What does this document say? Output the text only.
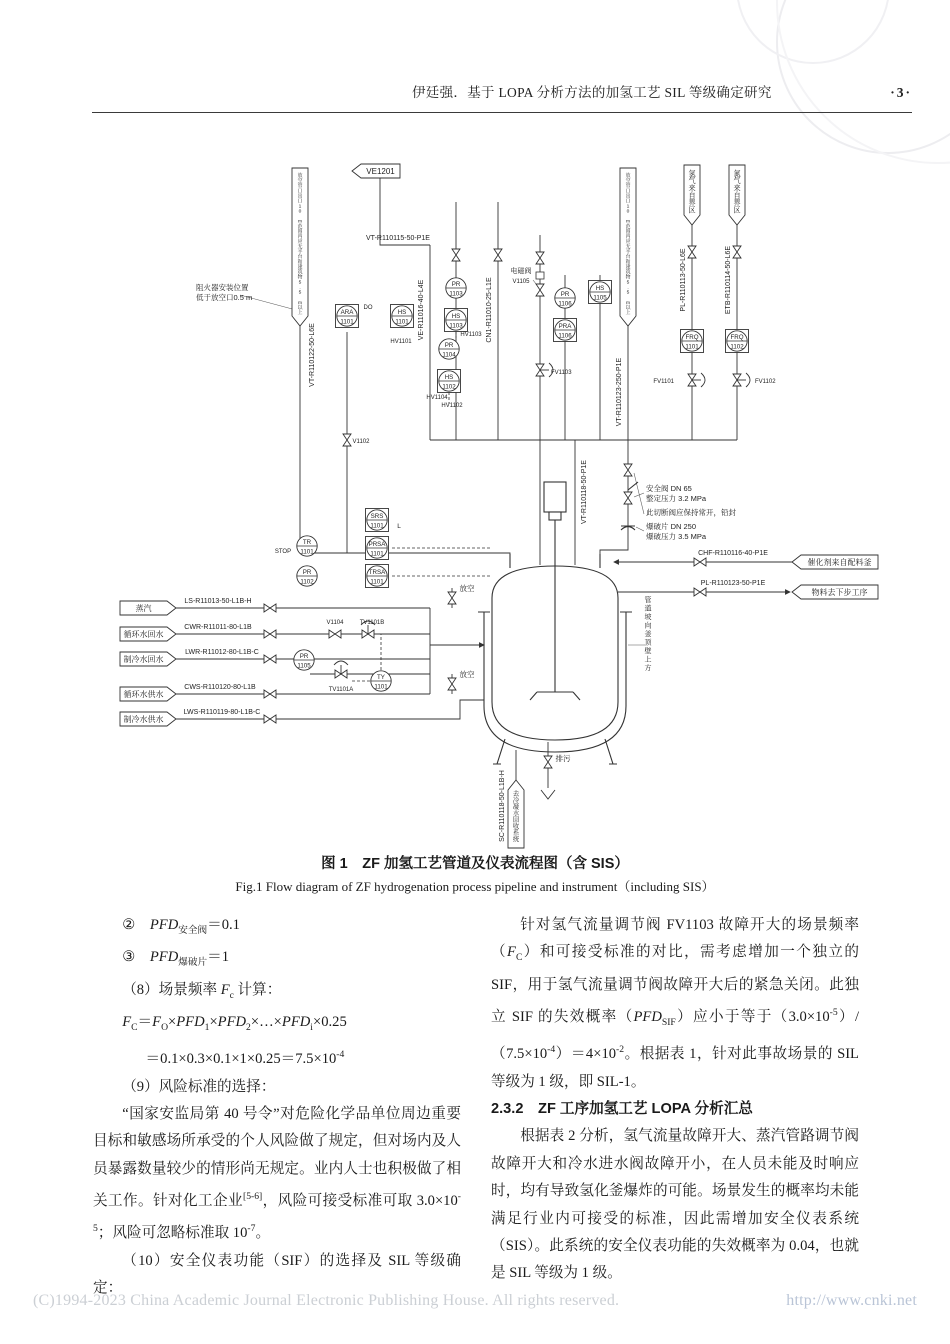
伊廷强．基于 LOPA 分析方法的加氢工艺 SIL 等级确定研究	·3·
PR
1103
HS
1103
ARA
1101
HS
1101
PR
1104
HS
1102
PR
1106
PRA
1106
HS
1105
FRQ
1101
FRQ
1102
SRS
1101
TR
1101
PRSA
1101
PR
1102
TRSA
1101
PR
1105
TY
1101
LS-R11013-50-L1B-H
CWR-R11011-80-L1B
LWR-R11012-80-L1B-C
CWS-R110120-80-L1B
LWS-R110119-80-L1B-C
VT-R110122-50-L6E
VT-R110115-50-P1E
VE-R11016-40-L4E	CN1-R11010-25-L1E	PL-R110113-50-L6E	ETB-R110114-50-L6E
VT-R110123-250-P1E
VT-R110118-50-P1E
CHF-R110116-40-P1E
PL-R110123-50-P1E
SC-R110118-50-L1B-H
DO
HV1101
HV1103
HV1104
HV1102
V1102
电磁阀
V1105
FV1103
FV1101	FV1102
V1104	TV1101B
TV1101A
STOP
L
放空
放空
排污
阻火器安装位置
低于放空口0.5 m
安全阀 DN 65
整定压力 3.2 MPa
此切断阀应保持常开，铅封
爆破片 DN 250
爆破压力 3.5 MPa
管
道
坡
向
釜
顶
壁
上
方
蒸汽
循环水回水
制冷水回水
循环水供水
制冷水供水
催化剂来自配料釜
物料去下步工序
VE1201
放
空
管
口
出
口
1
0
m
范
围
内
应
无
平
台
和
建
筑
物
5
.
5
m
以
上
放
空
管
口
出
口
1
0
m
范
围
内
应
无
平
台
和
建
筑
物
5
.
5
m
以
上
氢
气
来
自
界
区
氮
气
来
自
界
区
去
冷
凝
水
回
收
系
统
图 1　ZF 加氢工艺管道及仪表流程图（含 SIS）
Fig.1 Flow diagram of ZF hydrogenation process pipeline and instrument（including SIS）

②　$PFD_{安全阀}=0.1$

③　$PFD_{爆破片}=1$

（8）场景频率 $F_c$ 计算：

$F_C=F_O\times PFD_1\times PFD_2\times\dots\times PFD_i\times 0.25$

$=0.1\times 0.3\times 0.1\times 1\times 0.25=7.5\times 10^{-4}$

（9）风险标准的选择：

“国家安监局第 40 号令”对危险化学品单位周边重要目标和敏感场所承受的个人风险做了规定，但对场内及人员暴露数量较少的情形尚无规定。业内人士也积极做了相关工作。针对化工企业[5-6]，风险可接受标准可取 $3.0\times 10^{-5}$；风险可忽略标准取 $10^{-7}$。

（10）安全仪表功能（SIF）的选择及 SIL 等级确定：

针对氢气流量调节阀 FV1103 故障开大的场景频率$(F_C)$和可接受标准的对比，需考虑增加一个独立的 SIF，用于氢气流量调节阀故障开大后的紧急关闭。此独立 SIF 的失效概率$(PFD_{SIF})$应小于等于$(3.0\times 10^{-5})/(7.5\times 10^{-4})=4\times 10^{-2}$。根据表 1，针对此事故场景的 SIL 等级为 1 级，即 SIL-1。

2.3.2　ZF 工序加氢工艺 LOPA 分析汇总

根据表 2 分析，氢气流量故障开大、蒸汽管路调节阀故障开大和冷水进水阀故障开小，在人员未能及时响应时，均有导致氢化釜爆炸的可能。场景发生的概率均未能满足行业内可接受的标准，因此需增加安全仪表系统（SIS）。此系统的安全仪表功能的失效概率为 0.04，也就是 SIL 等级为 1 级。

(C)1994-2023 China Academic Journal Electronic Publishing House. All rights reserved.	http://www.cnki.net
